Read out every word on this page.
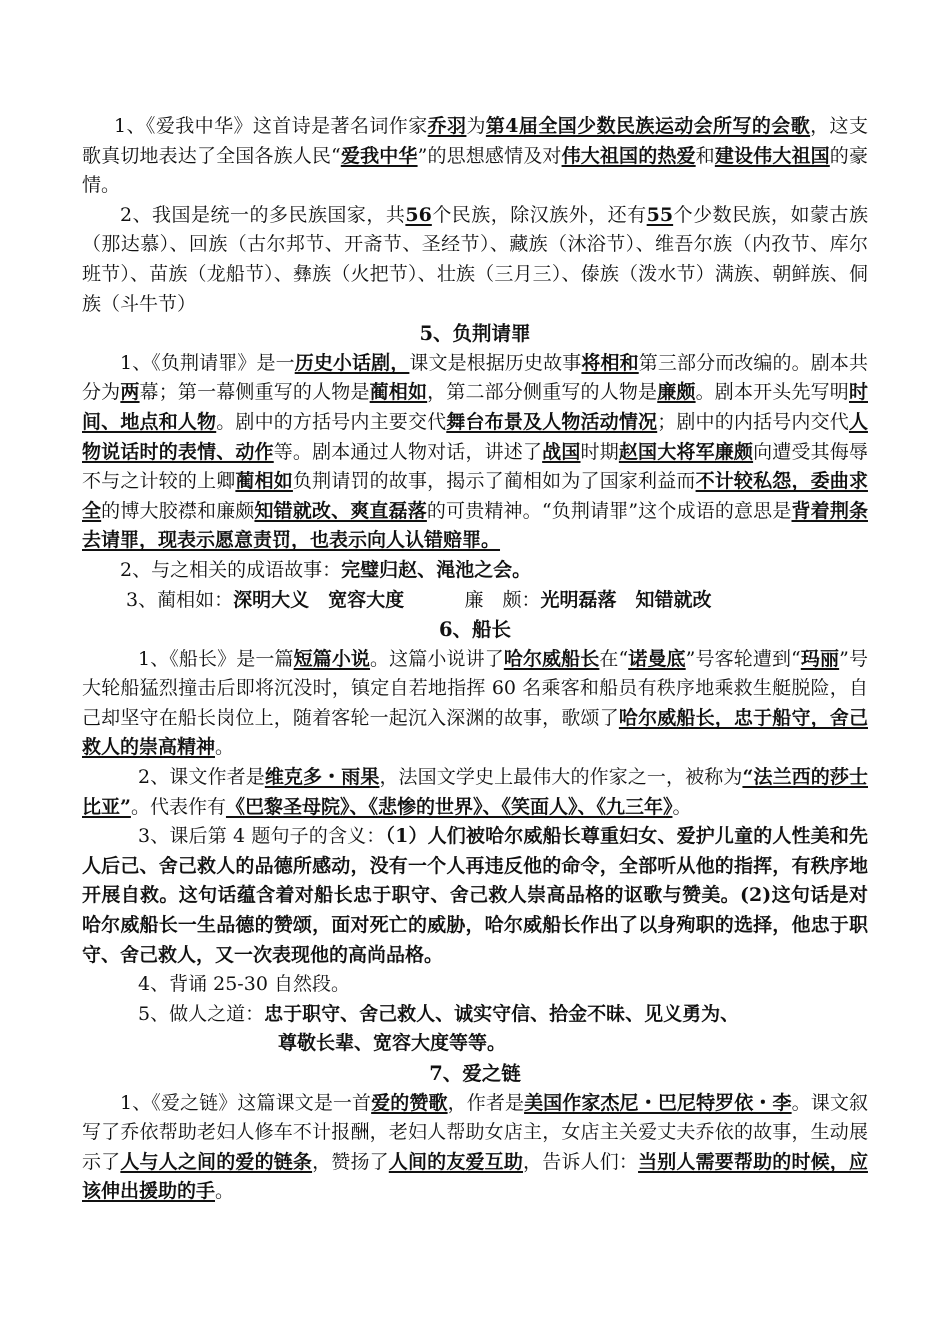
1、《爱我中华》这首诗是著名词作家乔羽为第4届全国少数民族运动会所写的会歌，这支歌真切地表达了全国各族人民“爱我中华”的思想感情及对伟大祖国的热爱和建设伟大祖国的豪情。

2、我国是统一的多民族国家，共56个民族，除汉族外，还有55个少数民族，如蒙古族（那达慕）、回族（古尔邦节、开斋节、圣经节）、藏族（沐浴节）、维吾尔族（内孜节、库尔班节）、苗族（龙船节）、彝族（火把节）、壮族（三月三）、傣族（泼水节）满族、朝鲜族、侗族（斗牛节）

5、负荆请罪

1、《负荆请罪》是一历史小话剧，课文是根据历史故事将相和第三部分而改编的。剧本共分为两幕；第一幕侧重写的人物是蔺相如，第二部分侧重写的人物是廉颇。剧本开头先写明时间、地点和人物。剧中的方括号内主要交代舞台布景及人物活动情况；剧中的内括号内交代人物说话时的表情、动作等。剧本通过人物对话，讲述了战国时期赵国大将军廉颇向遭受其侮辱不与之计较的上卿蔺相如负荆请罚的故事，揭示了蔺相如为了国家利益而不计较私怨，委曲求全的博大胶襟和廉颇知错就改、爽直磊落的可贵精神。“负荆请罪”这个成语的意思是背着荆条去请罪，现表示愿意责罚，也表示向人认错赔罪。

2、与之相关的成语故事：完璧归赵、渑池之会。

3、蔺相如：深明大义　宽容大度	廉　颇：光明磊落　知错就改

6、船长

1、《船长》是一篇短篇小说。这篇小说讲了哈尔威船长在“诺曼底”号客轮遭到“玛丽”号大轮船猛烈撞击后即将沉没时，镇定自若地指挥 60 名乘客和船员有秩序地乘救生艇脱险，自己却坚守在船长岗位上，随着客轮一起沉入深渊的故事，歌颂了哈尔威船长，忠于船守，舍己救人的崇高精神。

2、课文作者是维克多・雨果，法国文学史上最伟大的作家之一，被称为“法兰西的莎士比亚”。代表作有《巴黎圣母院》、《悲惨的世界》、《笑面人》、《九三年》。

3、课后第 4 题句子的含义：（1）人们被哈尔威船长尊重妇女、爱护儿童的人性美和先人后己、舍己救人的品德所感动，没有一个人再违反他的命令，全部听从他的指挥，有秩序地开展自救。这句话蕴含着对船长忠于职守、舍己救人崇高品格的讴歌与赞美。(2)这句话是对哈尔威船长一生品德的赞颂，面对死亡的威胁，哈尔威船长作出了以身殉职的选择，他忠于职守、舍己救人，又一次表现他的高尚品格。

4、背诵 25-30 自然段。

5、做人之道：忠于职守、舍己救人、诚实守信、拾金不昧、见义勇为、

尊敬长辈、宽容大度等等。

7、爱之链

1、《爱之链》这篇课文是一首爱的赞歌，作者是美国作家杰尼・巴尼特罗依・李。课文叙写了乔依帮助老妇人修车不计报酬，老妇人帮助女店主，女店主关爱丈夫乔依的故事，生动展示了人与人之间的爱的链条，赞扬了人间的友爱互助，告诉人们：当别人需要帮助的时候，应该伸出援助的手。
